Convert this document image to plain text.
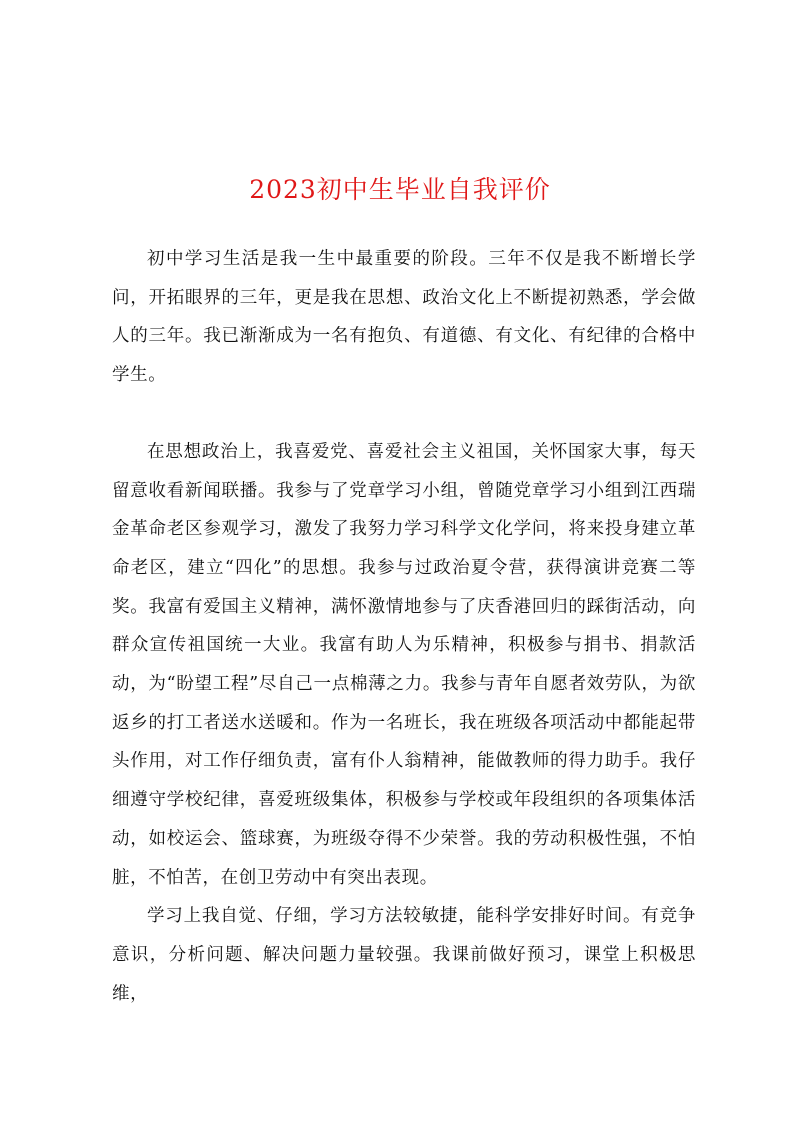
2023初中生毕业自我评价

初中学习生活是我一生中最重要的阶段。三年不仅是我不断增长学问，开拓眼界的三年，更是我在思想、政治文化上不断提初熟悉，学会做人的三年。我已渐渐成为一名有抱负、有道德、有文化、有纪律的合格中学生。

在思想政治上，我喜爱党、喜爱社会主义祖国，关怀国家大事，每天留意收看新闻联播。我参与了党章学习小组，曾随党章学习小组到江西瑞金革命老区参观学习，激发了我努力学习科学文化学问，将来投身建立革命老区，建立“四化”的思想。我参与过政治夏令营，获得演讲竞赛二等奖。我富有爱国主义精神，满怀激情地参与了庆香港回归的踩街活动，向群众宣传祖国统一大业。我富有助人为乐精神，积极参与捐书、捐款活动，为“盼望工程”尽自己一点棉薄之力。我参与青年自愿者效劳队，为欲返乡的打工者送水送暖和。作为一名班长，我在班级各项活动中都能起带头作用，对工作仔细负责，富有仆人翁精神，能做教师的得力助手。我仔细遵守学校纪律，喜爱班级集体，积极参与学校或年段组织的各项集体活动，如校运会、篮球赛，为班级夺得不少荣誉。我的劳动积极性强，不怕脏，不怕苦，在创卫劳动中有突出表现。

学习上我自觉、仔细，学习方法较敏捷，能科学安排好时间。有竞争意识，分析问题、解决问题力量较强。我课前做好预习，课堂上积极思维，
